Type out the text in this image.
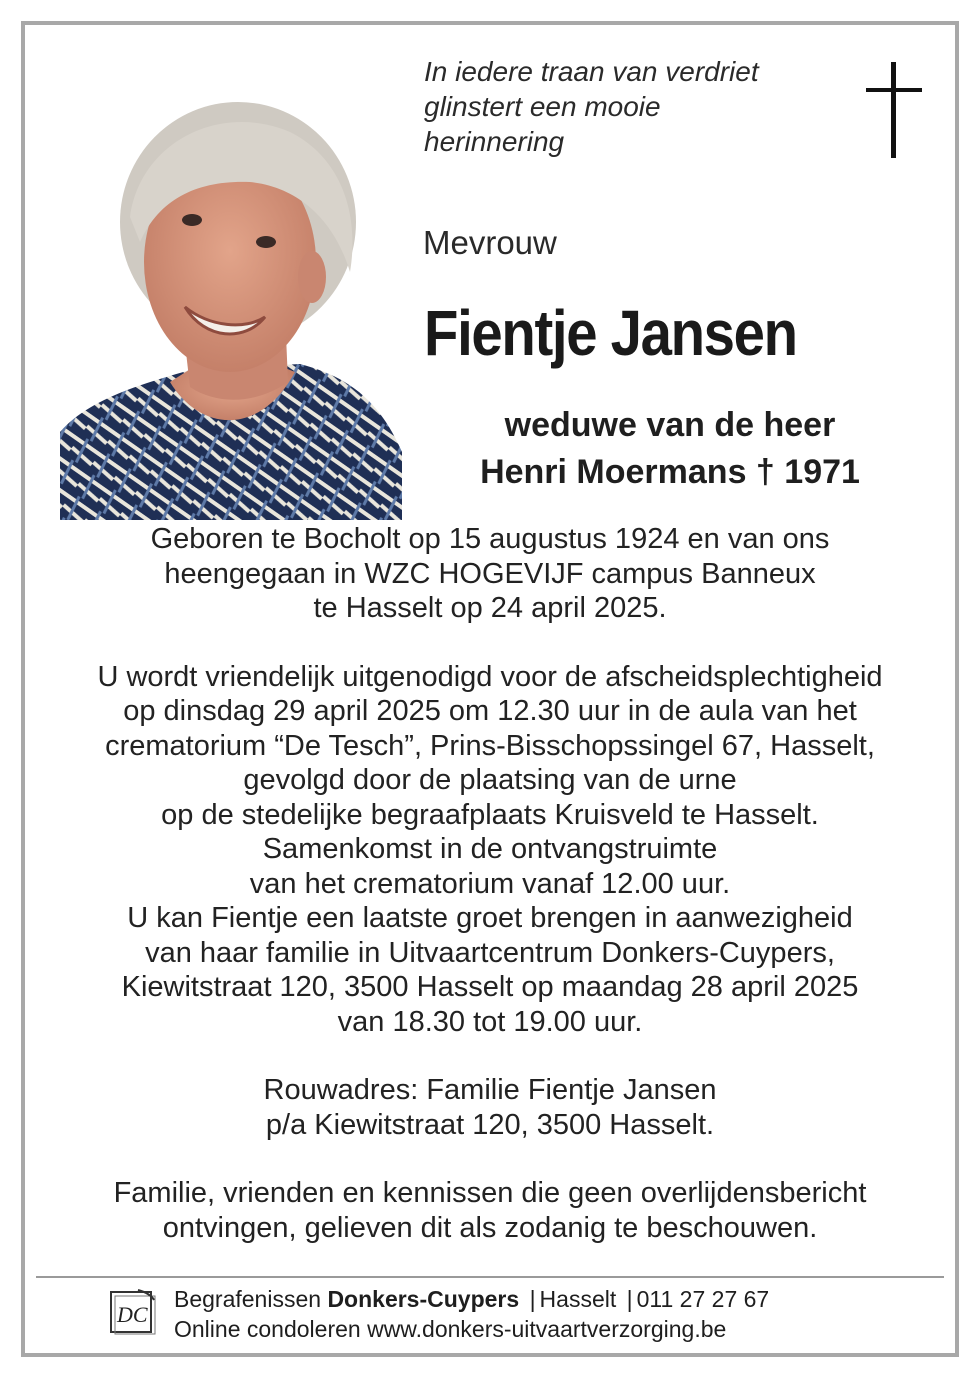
In iedere traan van verdriet
glinstert een mooie
herinnering
Mevrouw
Fientje Jansen
weduwe van de heer
Henri Moermans † 1971
Geboren te Bocholt op 15 augustus 1924 en van ons
heengegaan in WZC HOGEVIJF campus Banneux
te Hasselt op 24 april 2025.
U wordt vriendelijk uitgenodigd voor de afscheidsplechtigheid
op dinsdag 29 april 2025 om 12.30 uur in de aula van het
crematorium “De Tesch”, Prins-Bisschopssingel 67, Hasselt,
gevolgd door de plaatsing van de urne
op de stedelijke begraafplaats Kruisveld te Hasselt.
Samenkomst in de ontvangstruimte
van het crematorium vanaf 12.00 uur.
U kan Fientje een laatste groet brengen in aanwezigheid
van haar familie in Uitvaartcentrum Donkers-Cuypers,
Kiewitstraat 120, 3500 Hasselt op maandag 28 april 2025
van 18.30 tot 19.00 uur.
Rouwadres: Familie Fientje Jansen
p/a Kiewitstraat 120, 3500 Hasselt.
Familie, vrienden en kennissen die geen overlijdensbericht
ontvingen, gelieven dit als zodanig te beschouwen.
DC
Begrafenissen Donkers-Cuypers | Hasselt | 011 27 27 67
Online condoleren www.donkers-uitvaartverzorging.be
